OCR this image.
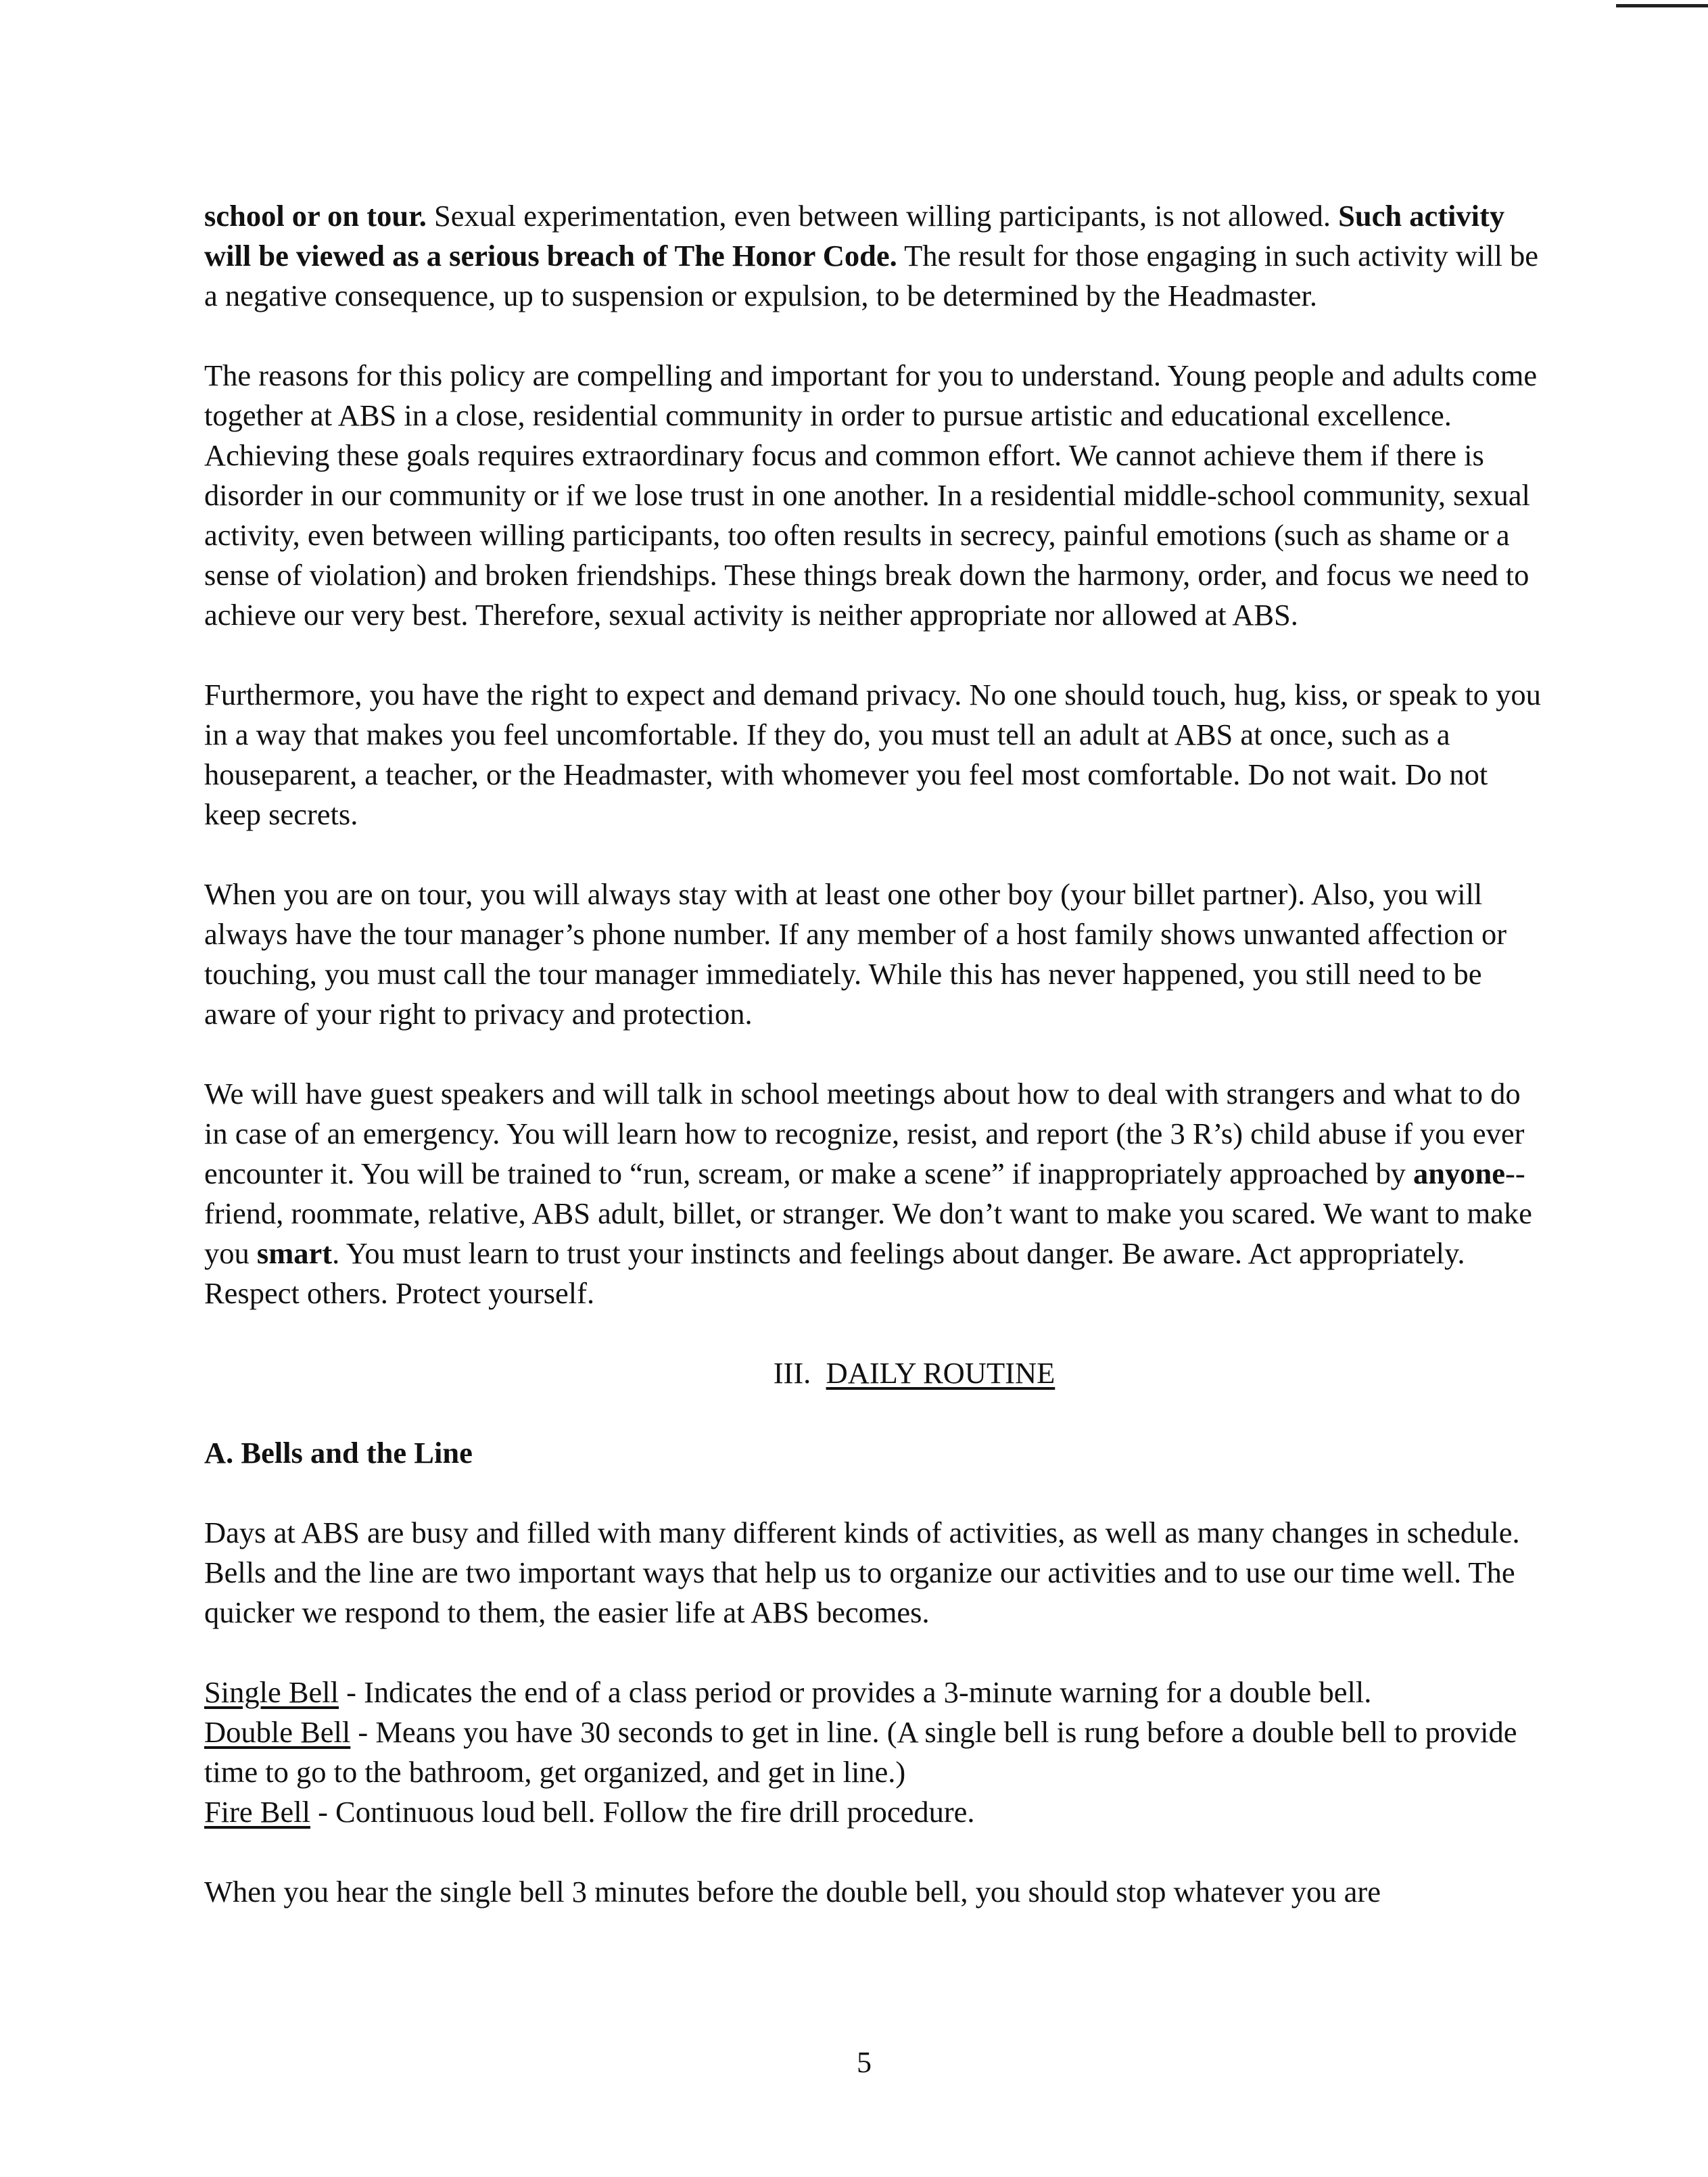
school or on tour. Sexual experimentation, even between willing participants, is not allowed. Such activity will be viewed as a serious breach of The Honor Code. The result for those engaging in such activity will be a negative consequence, up to suspension or expulsion, to be determined by the Headmaster.

The reasons for this policy are compelling and important for you to understand. Young people and adults come together at ABS in a close, residential community in order to pursue artistic and educational excellence. Achieving these goals requires extraordinary focus and common effort. We cannot achieve them if there is disorder in our community or if we lose trust in one another. In a residential middle-school community, sexual activity, even between willing participants, too often results in secrecy, painful emotions (such as shame or a sense of violation) and broken friendships. These things break down the harmony, order, and focus we need to achieve our very best. Therefore, sexual activity is neither appropriate nor allowed at ABS.

Furthermore, you have the right to expect and demand privacy. No one should touch, hug, kiss, or speak to you in a way that makes you feel uncomfortable. If they do, you must tell an adult at ABS at once, such as a houseparent, a teacher, or the Headmaster, with whomever you feel most comfortable. Do not wait. Do not keep secrets.

When you are on tour, you will always stay with at least one other boy (your billet partner). Also, you will always have the tour manager’s phone number. If any member of a host family shows unwanted affection or touching, you must call the tour manager immediately. While this has never happened, you still need to be aware of your right to privacy and protection.

We will have guest speakers and will talk in school meetings about how to deal with strangers and what to do in case of an emergency. You will learn how to recognize, resist, and report (the 3 R’s) child abuse if you ever encounter it. You will be trained to “run, scream, or make a scene” if inappropriately approached by anyone--friend, roommate, relative, ABS adult, billet, or stranger. We don’t want to make you scared. We want to make you smart. You must learn to trust your instincts and feelings about danger. Be aware. Act appropriately. Respect others. Protect yourself.

III. DAILY ROUTINE

A. Bells and the Line

Days at ABS are busy and filled with many different kinds of activities, as well as many changes in schedule. Bells and the line are two important ways that help us to organize our activities and to use our time well. The quicker we respond to them, the easier life at ABS becomes.

Single Bell - Indicates the end of a class period or provides a 3-minute warning for a double bell.
Double Bell - Means you have 30 seconds to get in line. (A single bell is rung before a double bell to provide time to go to the bathroom, get organized, and get in line.)
Fire Bell - Continuous loud bell. Follow the fire drill procedure.

When you hear the single bell 3 minutes before the double bell, you should stop whatever you are

5
